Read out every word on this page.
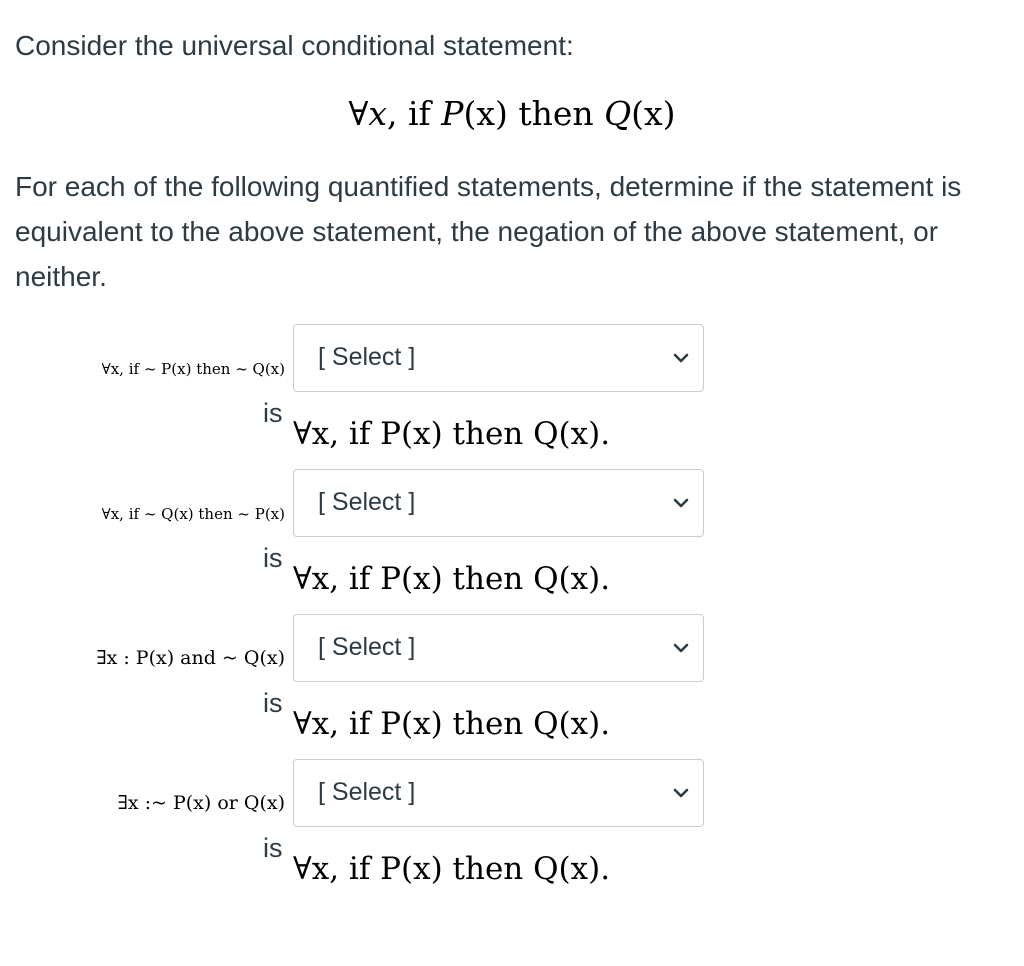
Consider the universal conditional statement:

∀x, if P(x) then Q(x)

For each of the following quantified statements, determine if the statement is equivalent to the above statement, the negation of the above statement, or neither.

∀x, if ~ P(x) then ~ Q(x) [ Select ]
is
∀x, if P(x) then Q(x).
∀x, if ~ Q(x) then ~ P(x) [ Select ]
is
∀x, if P(x) then Q(x).
∃x : P(x) and ~ Q(x) [ Select ]
is
∀x, if P(x) then Q(x).
∃x :~ P(x) or Q(x) [ Select ]
is
∀x, if P(x) then Q(x).
